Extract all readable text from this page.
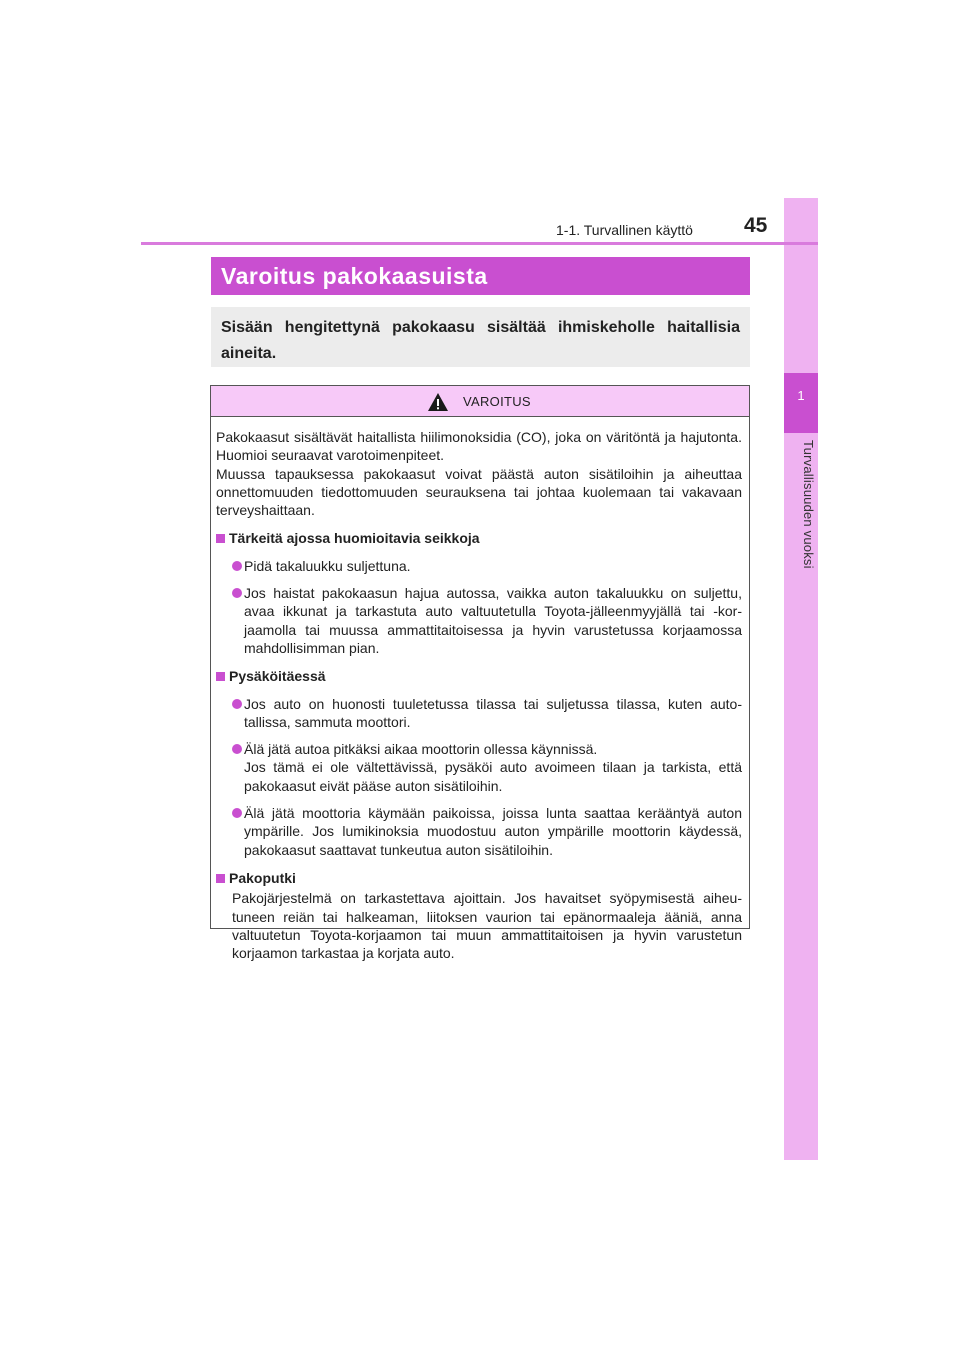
1
Turvallisuuden vuoksi
1-1. Turvallinen käyttö 45
Varoitus pakokaasuista
Sisään hengitettynä pakokaasu sisältää ihmiskeholle haitallisia aineita.
VAROITUS

Pakokaasut sisältävät haitallista hiilimonoksidia (CO), joka on väritöntä ja hajutonta. Huomioi seuraavat varotoimenpiteet.

Muussa tapauksessa pakokaasut voivat päästä auton sisätiloihin ja aiheuttaa onnettomuuden tiedottomuuden seurauksena tai johtaa kuolemaan tai vakavaan terveyshaittaan.

Tärkeitä ajossa huomioitavia seikkoja
Pidä takaluukku suljettuna.
Jos haistat pakokaasun hajua autossa, vaikka auton takaluukku on suljettu, avaa ikkunat ja tarkastuta auto valtuutetulla Toyota-jälleenmyyjällä tai -korjaamolla tai muussa ammattitaitoisessa ja hyvin varustetussa korjaamossa mahdollisimman pian.
Pysäköitäessä
Jos auto on huonosti tuuletetussa tilassa tai suljetussa tilassa, kuten autotallissa, sammuta moottori.
Älä jätä autoa pitkäksi aikaa moottorin ollessa käynnissä.
Jos tämä ei ole vältettävissä, pysäköi auto avoimeen tilaan ja tarkista, että pakokaasut eivät pääse auton sisätiloihin.
Älä jätä moottoria käymään paikoissa, joissa lunta saattaa kerääntyä auton ympärille. Jos lumikinoksia muodostuu auton ympärille moottorin käydessä, pakokaasut saattavat tunkeutua auton sisätiloihin.
Pakoputki
Pakojärjestelmä on tarkastettava ajoittain. Jos havaitset syöpymisestä aiheutuneen reiän tai halkeaman, liitoksen vaurion tai epänormaaleja ääniä, anna valtuutetun Toyota-korjaamon tai muun ammattitaitoisen ja hyvin varustetun korjaamon tarkastaa ja korjata auto.
